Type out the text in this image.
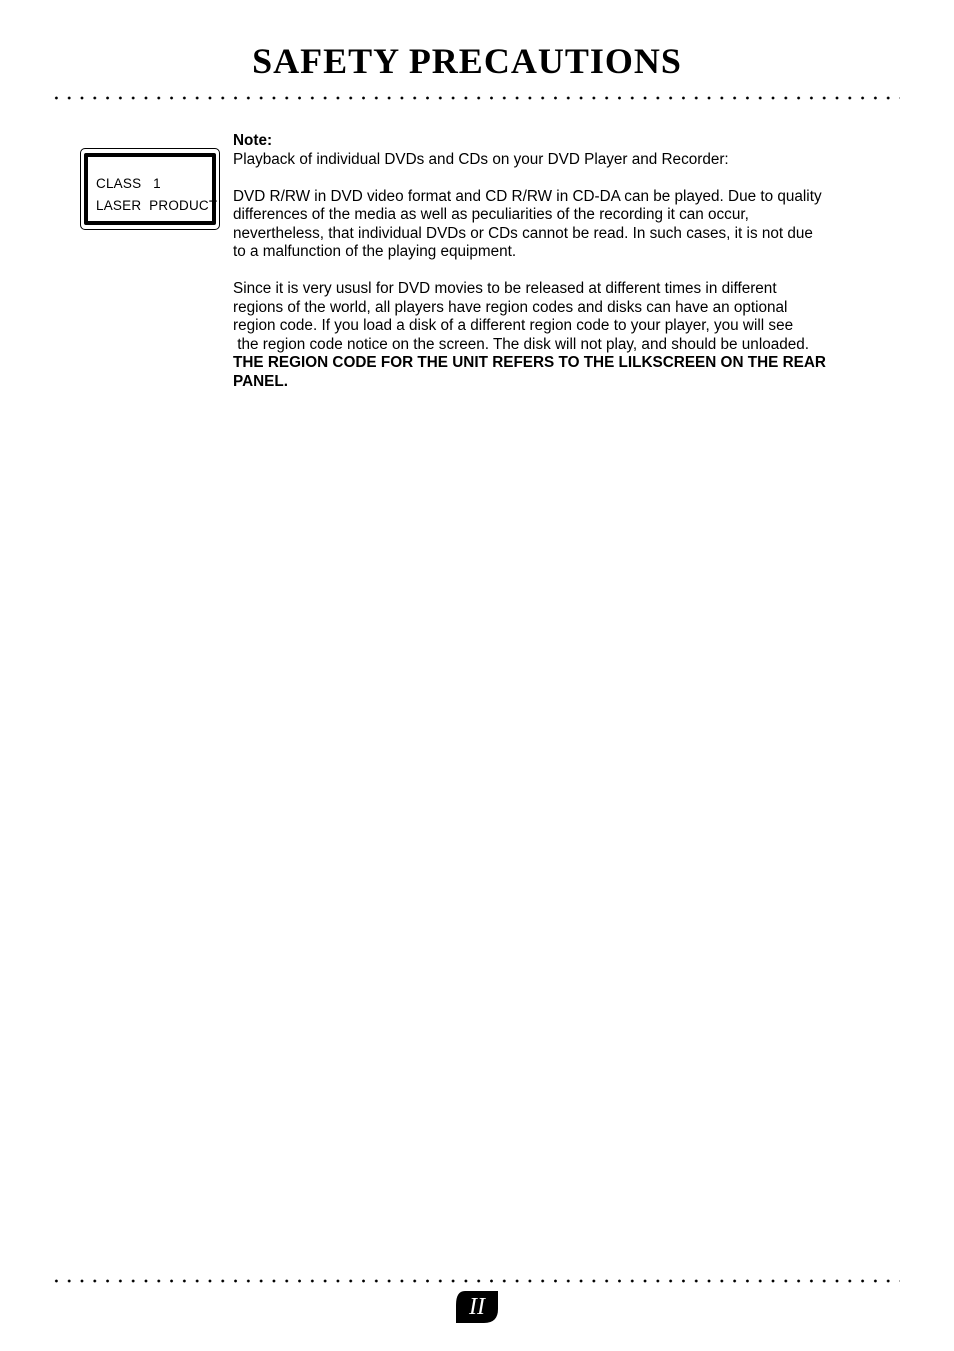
SAFETY PRECAUTIONS
CLASS   1
LASER  PRODUCT

Note:

Playback of individual DVDs and CDs on your DVD Player and Recorder:

DVD R/RW in DVD video format and CD R/RW in CD-DA can be played. Due to quality
differences of the media as well as peculiarities of the recording it can occur,
nevertheless, that individual DVDs or CDs cannot be read. In such cases, it is not due
to a malfunction of the playing equipment.

Since it is very ususl for DVD movies to be released at different times in different
regions of the world, all players have region codes and disks can have an optional
region code. If you load a disk of a different region code to your player, you will see
the region code notice on the screen. The disk will not play, and should be unloaded.
THE REGION CODE FOR THE UNIT REFERS TO THE LILKSCREEN ON THE REAR
PANEL.

II
